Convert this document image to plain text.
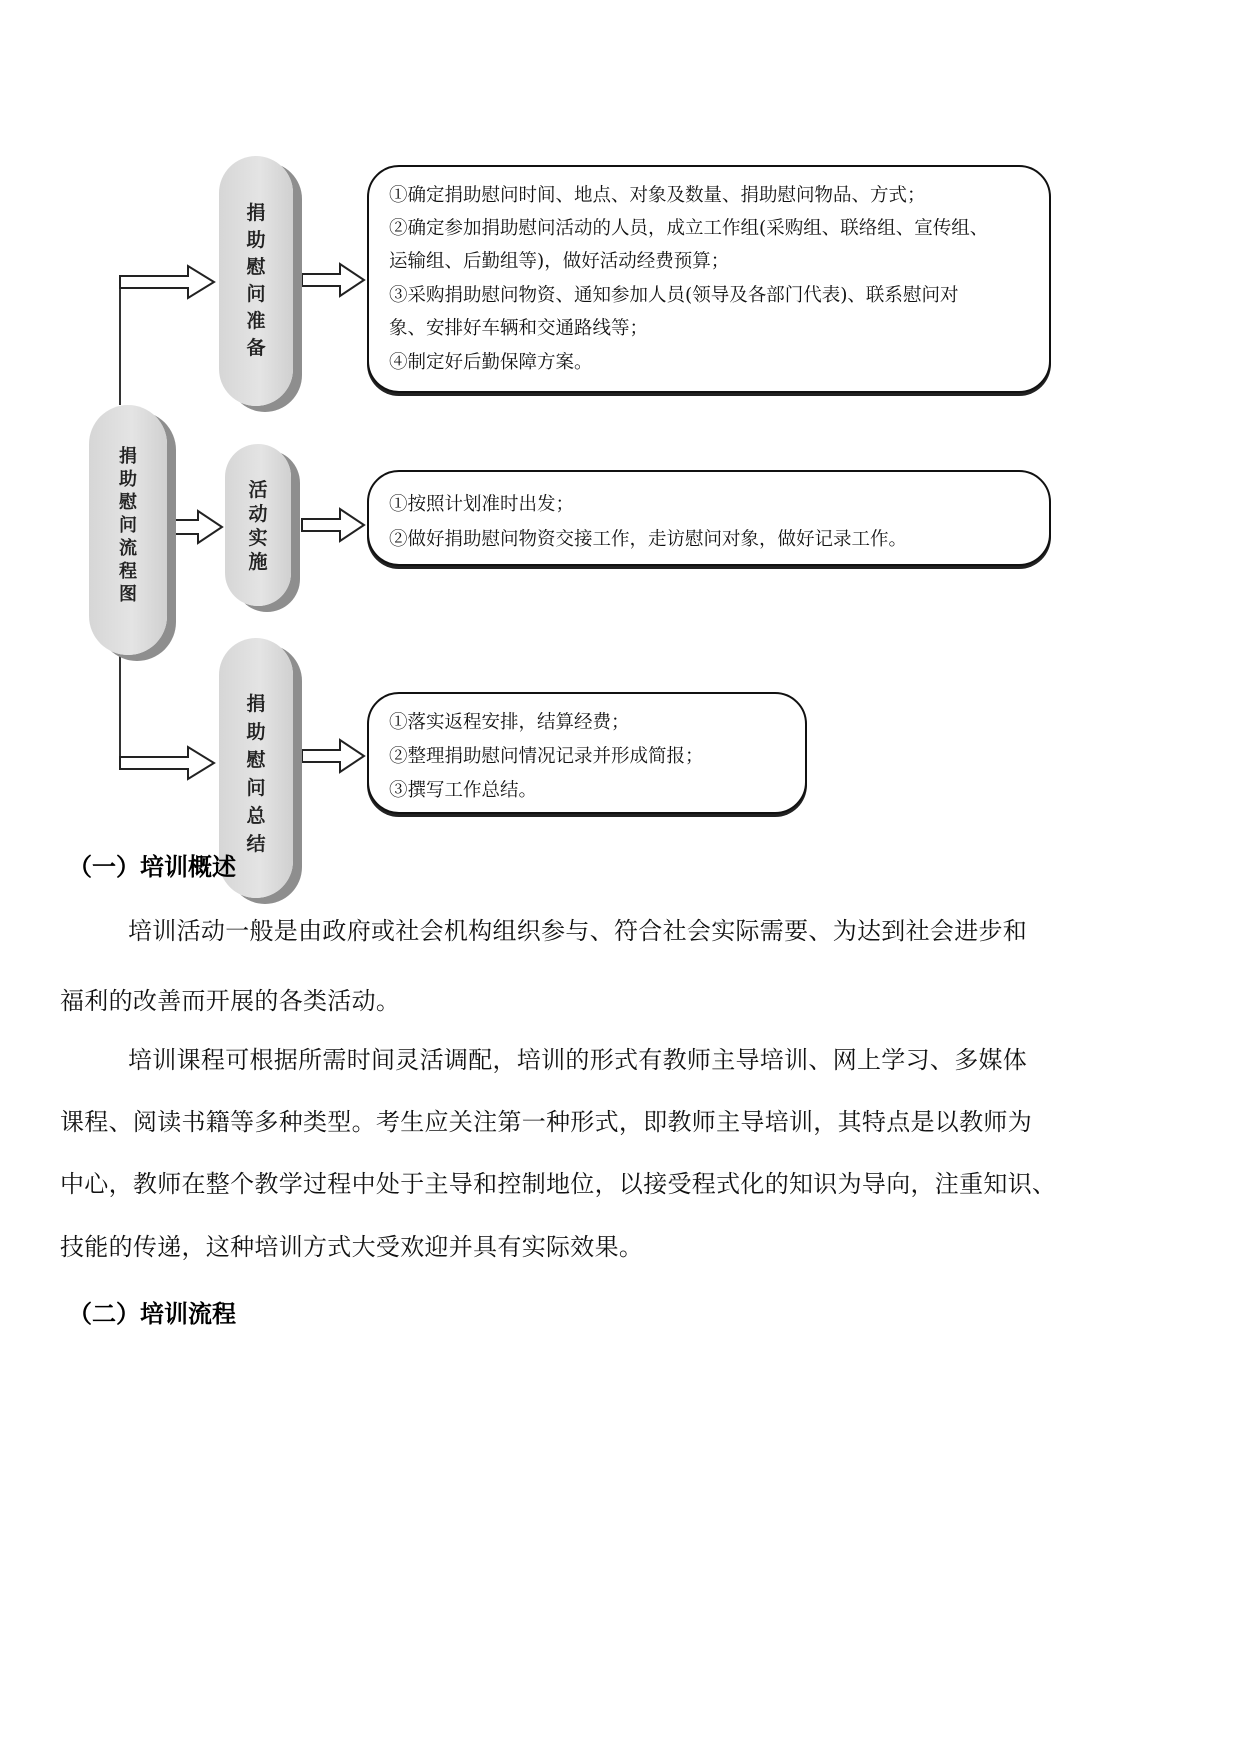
捐助慰问流程图
捐助慰问准备
活动实施
捐助慰问总结
①确定捐助慰问时间、地点、对象及数量、捐助慰问物品、方式；
②确定参加捐助慰问活动的人员，成立工作组(采购组、联络组、宣传组、
运输组、后勤组等)，做好活动经费预算；
③采购捐助慰问物资、通知参加人员(领导及各部门代表)、联系慰问对
象、安排好车辆和交通路线等；
④制定好后勤保障方案。
①按照计划准时出发；
②做好捐助慰问物资交接工作，走访慰问对象，做好记录工作。
①落实返程安排，结算经费；
②整理捐助慰问情况记录并形成简报；
③撰写工作总结。
（一）培训概述
培训活动一般是由政府或社会机构组织参与、符合社会实际需要、为达到社会进步和
福利的改善而开展的各类活动。
培训课程可根据所需时间灵活调配，培训的形式有教师主导培训、网上学习、多媒体
课程、阅读书籍等多种类型。考生应关注第一种形式，即教师主导培训，其特点是以教师为
中心，教师在整个教学过程中处于主导和控制地位，以接受程式化的知识为导向，注重知识、
技能的传递，这种培训方式大受欢迎并具有实际效果。
（二）培训流程
